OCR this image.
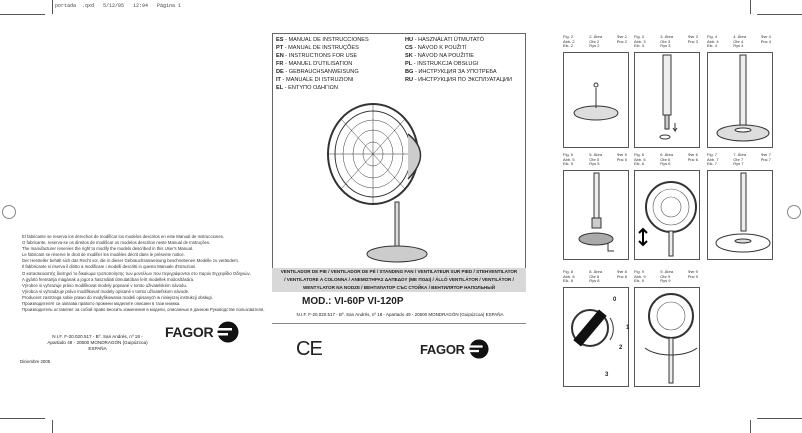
portada  .qxd   5/12/05   12:04   Página 1
El fabricante se reserva los derechos de modificar los modelos descritos en este Manual de Instrucciones.
O fabricante, reserva-se os direitos de modificar os modelos descritos neste Manual de Instruções.
The manufacturer reserves the right to modify the models described in this User's Manual.
Le fabricant se réserve le droit de modifier les modèles décrit dans le présente notice.
Der Hersteller behält sich das Recht vor, die in dieser Gebrauchsanweisung beschriebenen Modelle zu verändern.
Il fabbricante si riserva il diritto a modificare i modelli descritti in questo Manuale d'Istruzioni.
Ο κατασκευαστής διατηρεί το δικαίωμα τροποποίησης των μοντέλων που περιγράφονται στο παρόν Εγχειρίδιο Οδηγιών.
A gyártó fenntartja magának a jogot a használati útmutatóban leírt modellek módosítására.
Výrobce si vyhrazuje právo modifikovat modely popsané v tomto uživatelském návodu.
Výrobca si vyhradzuje právo modifikovať modely opísané v tomto užívateľskom návode.
Producent zastrzega sobie prawo do modyfikowania modeli opisanych w niniejszej instrukcji obsługi.
Производителят си запазва правото промени моделите описани в тази книжка.
Производитель оставляет за собой право вносить изменения в модели, описанные в данном Руководстве пользователя.
FAGOR
N.I.F. F-20.020.517 - Bº. San Andrés, nº 18 -
Apartado 49 - 20500 MONDRAGÓN (Guipúzcoa) ESPAÑA
Diciembre 2005
ES - MANUAL DE INSTRUCCIONES
PT - MANUAL DE INSTRUÇÕES
EN - INSTRUCTIONS FOR USE
FR - MANUEL D'UTILISATION
DE - GEBRAUCHSANWEISUNG
IT - MANUALE DI ISTRUZIONI
EL - ΕΝΤΥΠΟ ΟΔΗΓΙΩΝ
HU - HASZNÁLATI ÚTMUTATÓ
CS - NÁVOD K POUŽITÍ
SK - NÁVOD NA POUŽITIE
PL - INSTRUKCJA OBSŁUGI
BG - ИНСТРУКЦИЯ ЗА УПОТРЕБА
RU - ИНСТРУКЦИЯ ПО ЭКСПЛУАТАЦИИ
VENTILADOR DE PIE / VENTILADOR DE PÉ / STANDING FAN / VENTILATEUR SUR PIED / STEHVENTILATOR
/ VENTILATORE A COLONNA / ΑΝΕΜΙΣΤΗΡΑΣ ΔΑΠΕΔΟΥ (ΜΕ ΠΟΔΙ) / ÁLLÓ VENTILÁTOR / VENTILÁTOR /
WENTYLATOR NA NODZE / ВЕНТИЛАТОР СЪС СТОЙКА / ВЕНТИЛЯТОР НАПОЛЬНЫЙ
MOD.: VI-60P VI-120P
N.I.F. F-20.020.517 - Bº. San Andrés, nº 18 - Apartado 49 - 20500 MONDRAGÓN (Guipúzcoa) ESPAÑA
CE	FAGOR
Fig. 2
Abb. 2
Eik. 2
2. Ábra
Obr 2
Rys 2
Фиг 2
Рис 2
Fig. 3
Abb. 3
Eik. 3
3. Ábra
Obr 3
Rys 3
Фиг 3
Рис 3
Fig. 4
Abb. 4
Eik. 4
4. Ábra
Obr 4
Rys 4
Фиг 4
Рис 4
Fig. 5
Abb. 5
Eik. 5
5. Ábra
Obr 5
Rys 5
Фиг 5
Рис 5
Fig. 6
Abb. 6
Eik. 6
6. Ábra
Obr 6
Rys 6
Фиг 6
Рис 6
Fig. 7
Abb. 7
Eik. 7
7. Ábra
Obr 7
Rys 7
Фиг 7
Рис 7
Fig. 8
Abb. 8
Eik. 8
8. Ábra
Obr 8
Rys 8
Фиг 8
Рис 8
Fig. 9
Abb. 9
Eik. 9
9. Ábra
Obr 9
Rys 9
Фиг 9
Рис 9
0
1
2
3
